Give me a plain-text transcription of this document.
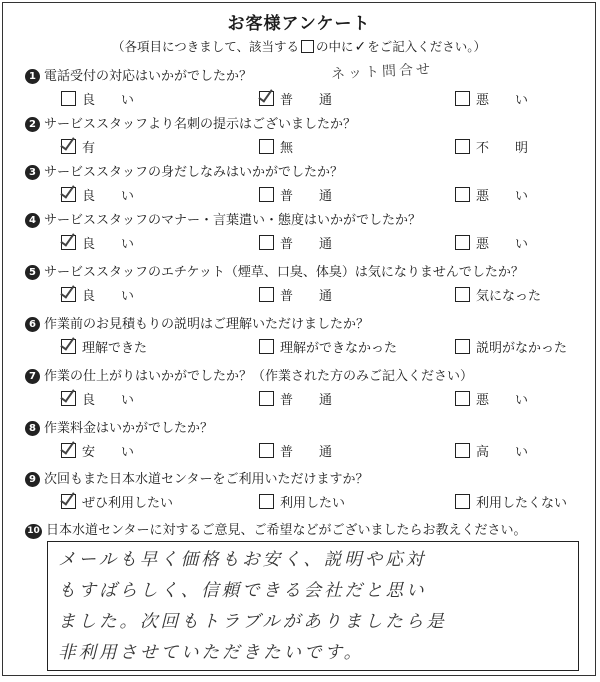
お客様アンケート
（各項目につきまして、該当する の中に✓をご記入ください。）
ネット問合せ
1 電話受付の対応はいかがでしたか？
良　　い	普　　通	悪　　い
2 サービススタッフより名刺の提示はございましたか？
有	無	不　　明
3 サービススタッフの身だしなみはいかがでしたか？
良　　い	普　　通	悪　　い
4 サービススタッフのマナー・言葉遣い・態度はいかがでしたか？
良　　い	普　　通	悪　　い
5 サービススタッフのエチケット（煙草、口臭、体臭）は気になりませんでしたか？
良　　い	普　　通	気になった
6 作業前のお見積もりの説明はご理解いただけましたか？
理解できた	理解ができなかった	説明がなかった
7 作業の仕上がりはいかがでしたか？（作業された方のみご記入ください）
良　　い	普　　通	悪　　い
8 作業料金はいかがでしたか？
安　　い	普　　通	高　　い
9 次回もまた日本水道センターをご利用いただけますか？
ぜひ利用したい	利用したい	利用したくない
10 日本水道センターに対するご意見、ご希望などがございましたらお教えください。
メールも早く価格もお安く、説明や応対
もすばらしく、信頼できる会社だと思い
ました。次回もトラブルがありましたら是
非利用させていただきたいです。
